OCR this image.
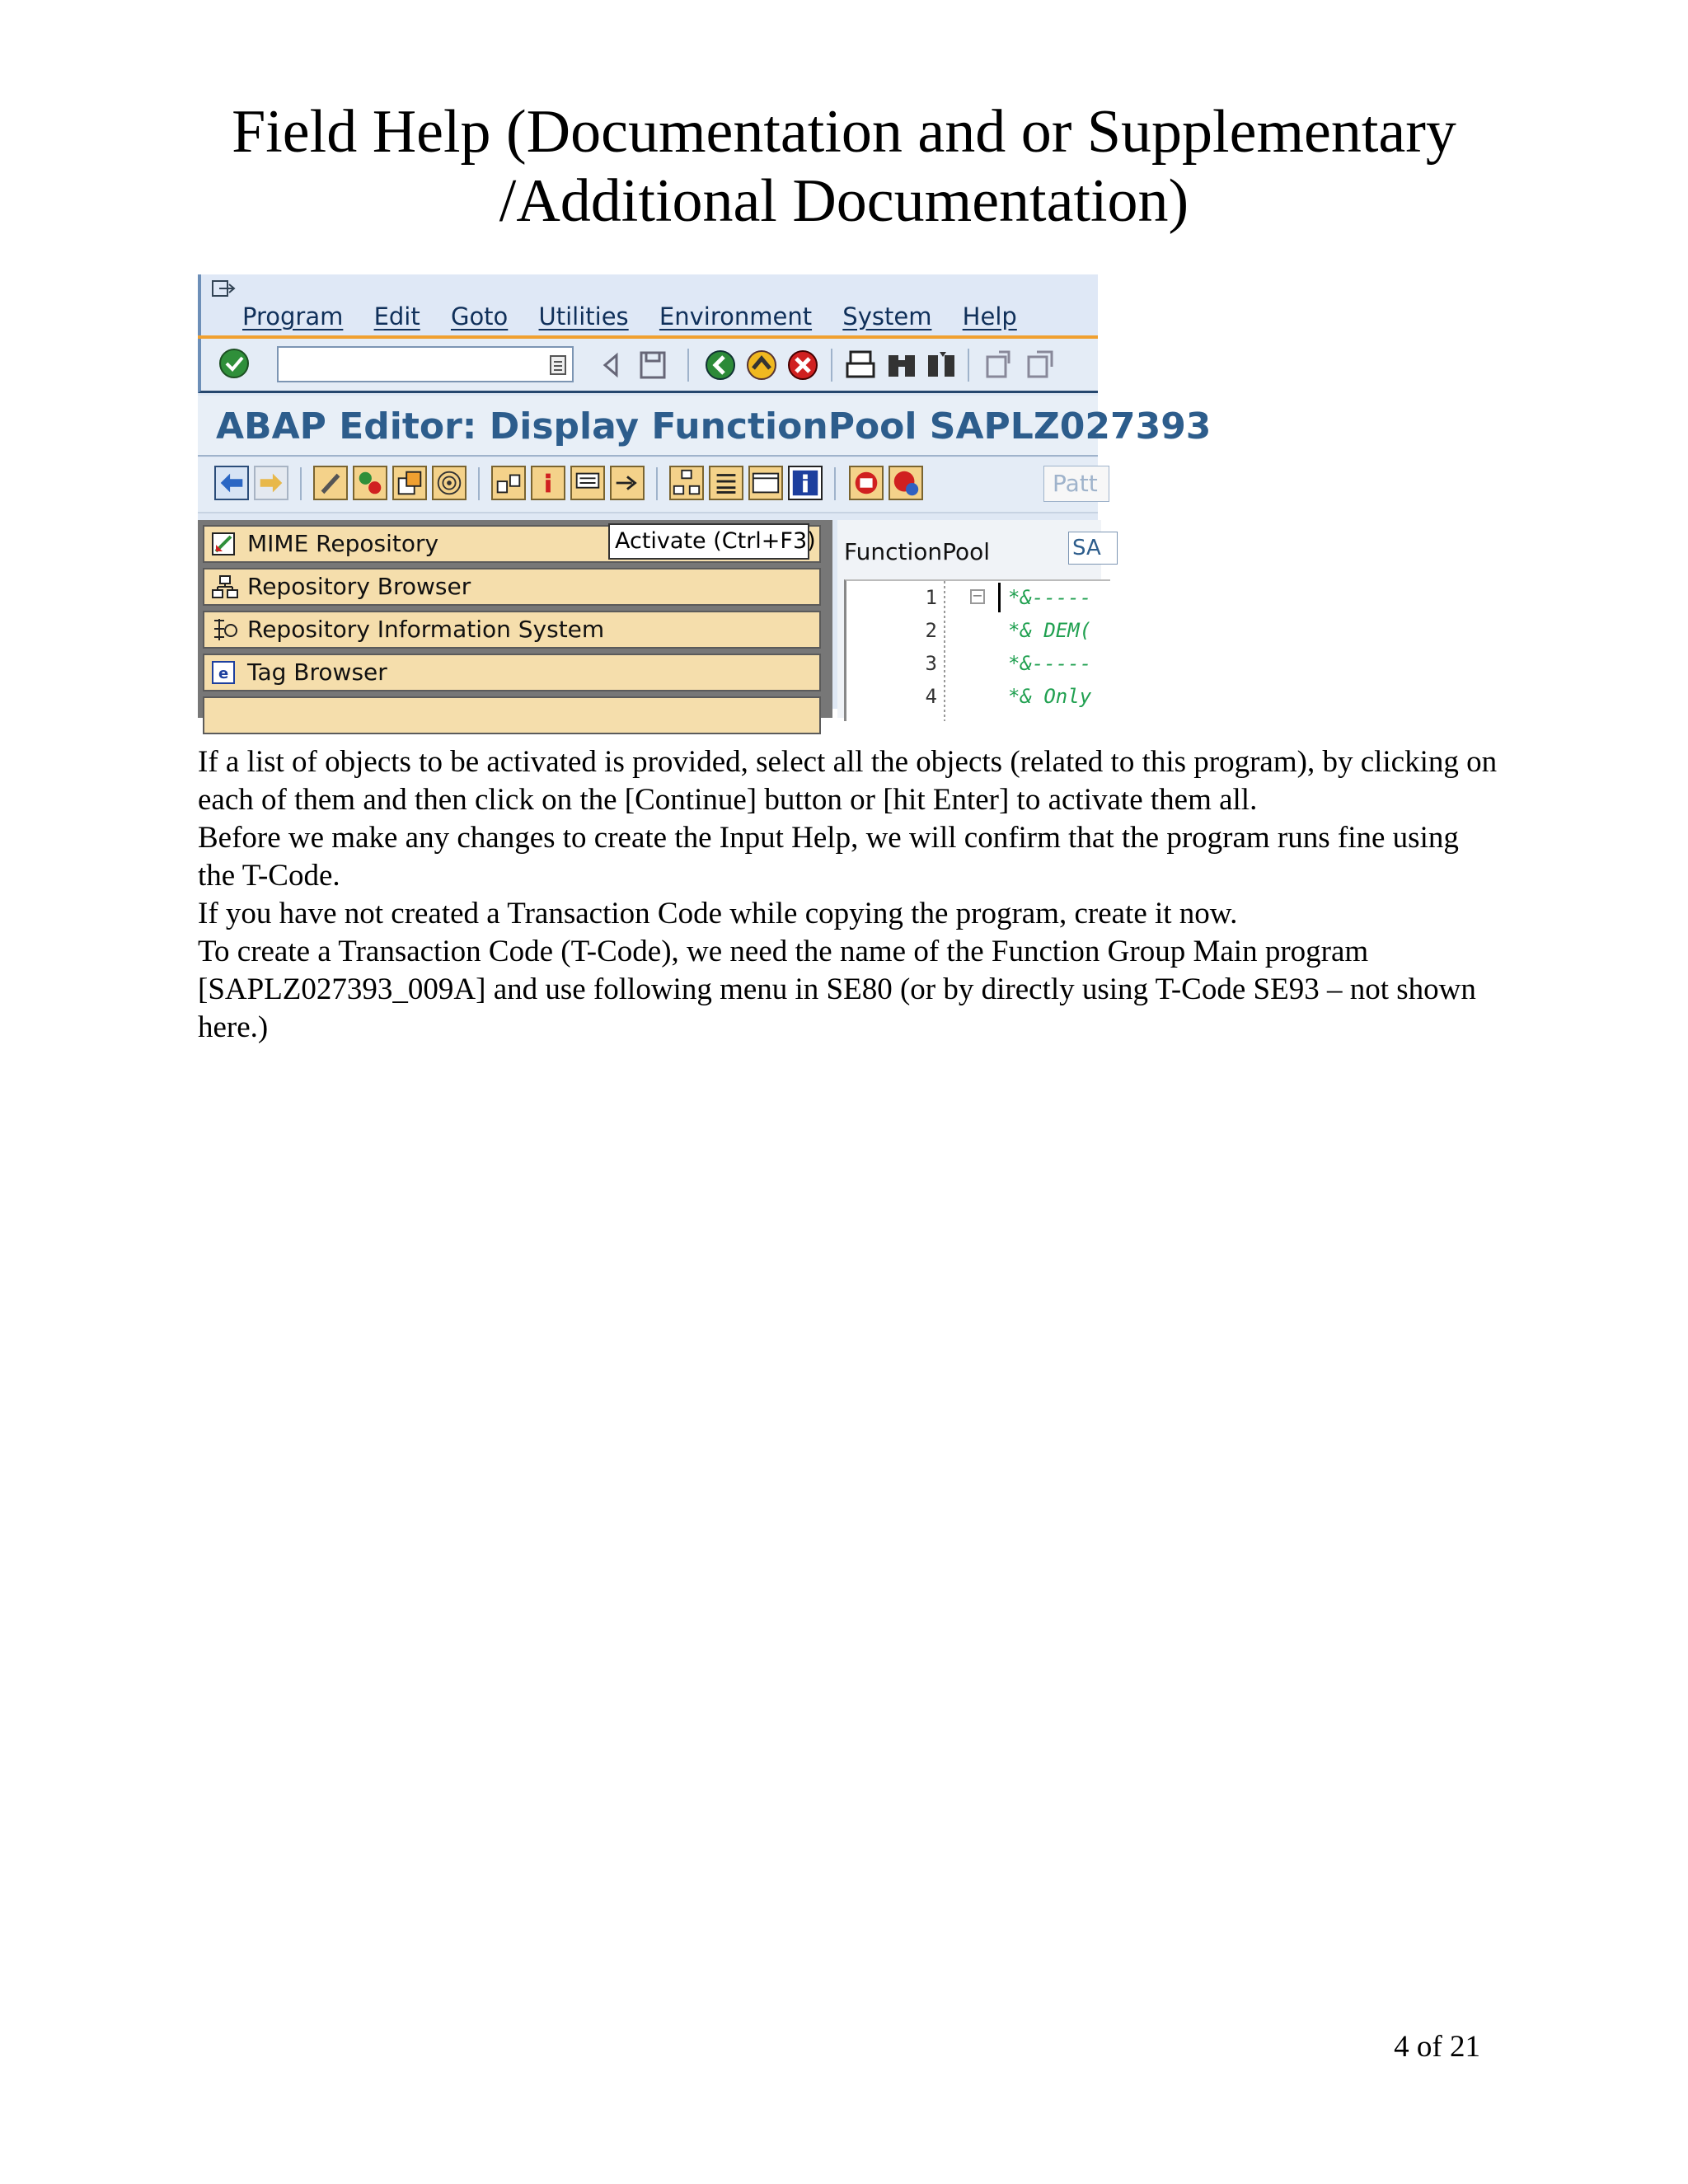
Field Help (Documentation and or Supplementary
/Additional Documentation)
Program Edit Goto Utilities Environment System Help
ABAP Editor: Display FunctionPool SAPLZ027393
Patt
MIME Repository
Repository Browser
Repository Information System
e Tag Browser
Activate (Ctrl+F3) FunctionPool	SA
−
1
2
3
4
*&-----
*& DEM(
*&-----
*& Only

If a list of objects to be activated is provided, select all the objects (related to this program), by clicking on each of them and then click on the [Continue] button or [hit Enter] to activate them all.

Before we make any changes to create the Input Help, we will confirm that the program runs fine using the T-Code.

If you have not created a Transaction Code while copying the program, create it now.

To create a Transaction Code (T-Code), we need the name of the Function Group Main program [SAPLZ027393_009A] and use following menu in SE80 (or by directly using T-Code SE93 – not shown here.)

4 of 21
